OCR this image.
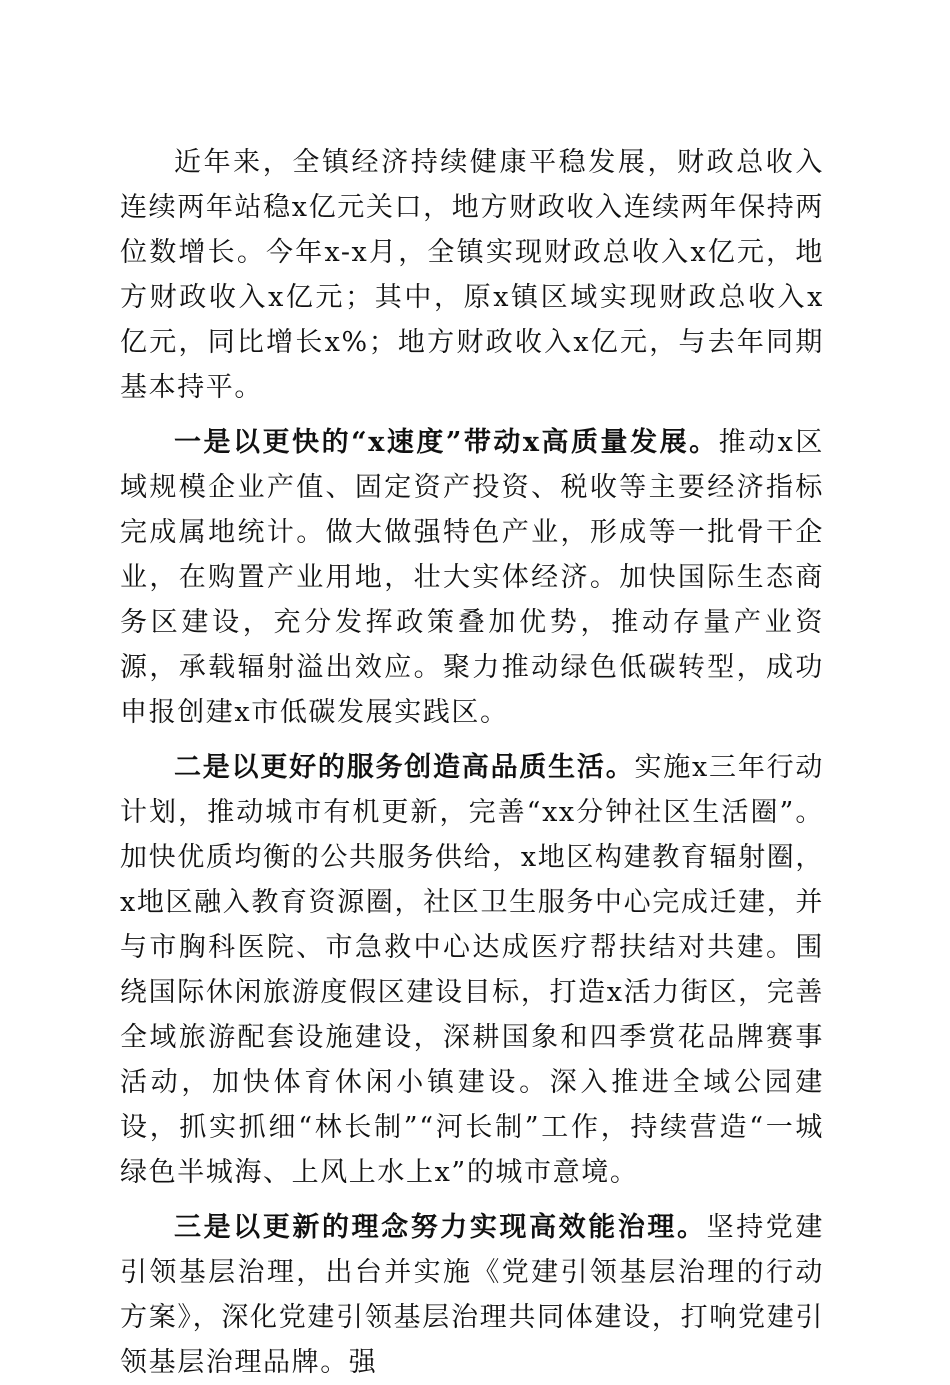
近年来，全镇经济持续健康平稳发展，财政总收入连续两年站稳x亿元关口，地方财政收入连续两年保持两位数增长。今年x-x月，全镇实现财政总收入x亿元，地方财政收入x亿元；其中，原x镇区域实现财政总收入x亿元，同比增长x%；地方财政收入x亿元，与去年同期基本持平。

一是以更快的“x速度”带动x高质量发展。推动x区域规模企业产值、固定资产投资、税收等主要经济指标完成属地统计。做大做强特色产业，形成等一批骨干企业，在购置产业用地，壮大实体经济。加快国际生态商务区建设，充分发挥政策叠加优势，推动存量产业资源，承载辐射溢出效应。聚力推动绿色低碳转型，成功申报创建x市低碳发展实践区。

二是以更好的服务创造高品质生活。实施x三年行动计划，推动城市有机更新，完善“xx分钟社区生活圈”。加快优质均衡的公共服务供给，x地区构建教育辐射圈，x地区融入教育资源圈，社区卫生服务中心完成迁建，并与市胸科医院、市急救中心达成医疗帮扶结对共建。围绕国际休闲旅游度假区建设目标，打造x活力街区，完善全域旅游配套设施建设，深耕国象和四季赏花品牌赛事活动，加快体育休闲小镇建设。深入推进全域公园建设，抓实抓细“林长制”“河长制”工作，持续营造“一城绿色半城海、上风上水上x”的城市意境。

三是以更新的理念努力实现高效能治理。坚持党建引领基层治理，出台并实施《党建引领基层治理的行动方案》，深化党建引领基层治理共同体建设，打响党建引领基层治理品牌。强
